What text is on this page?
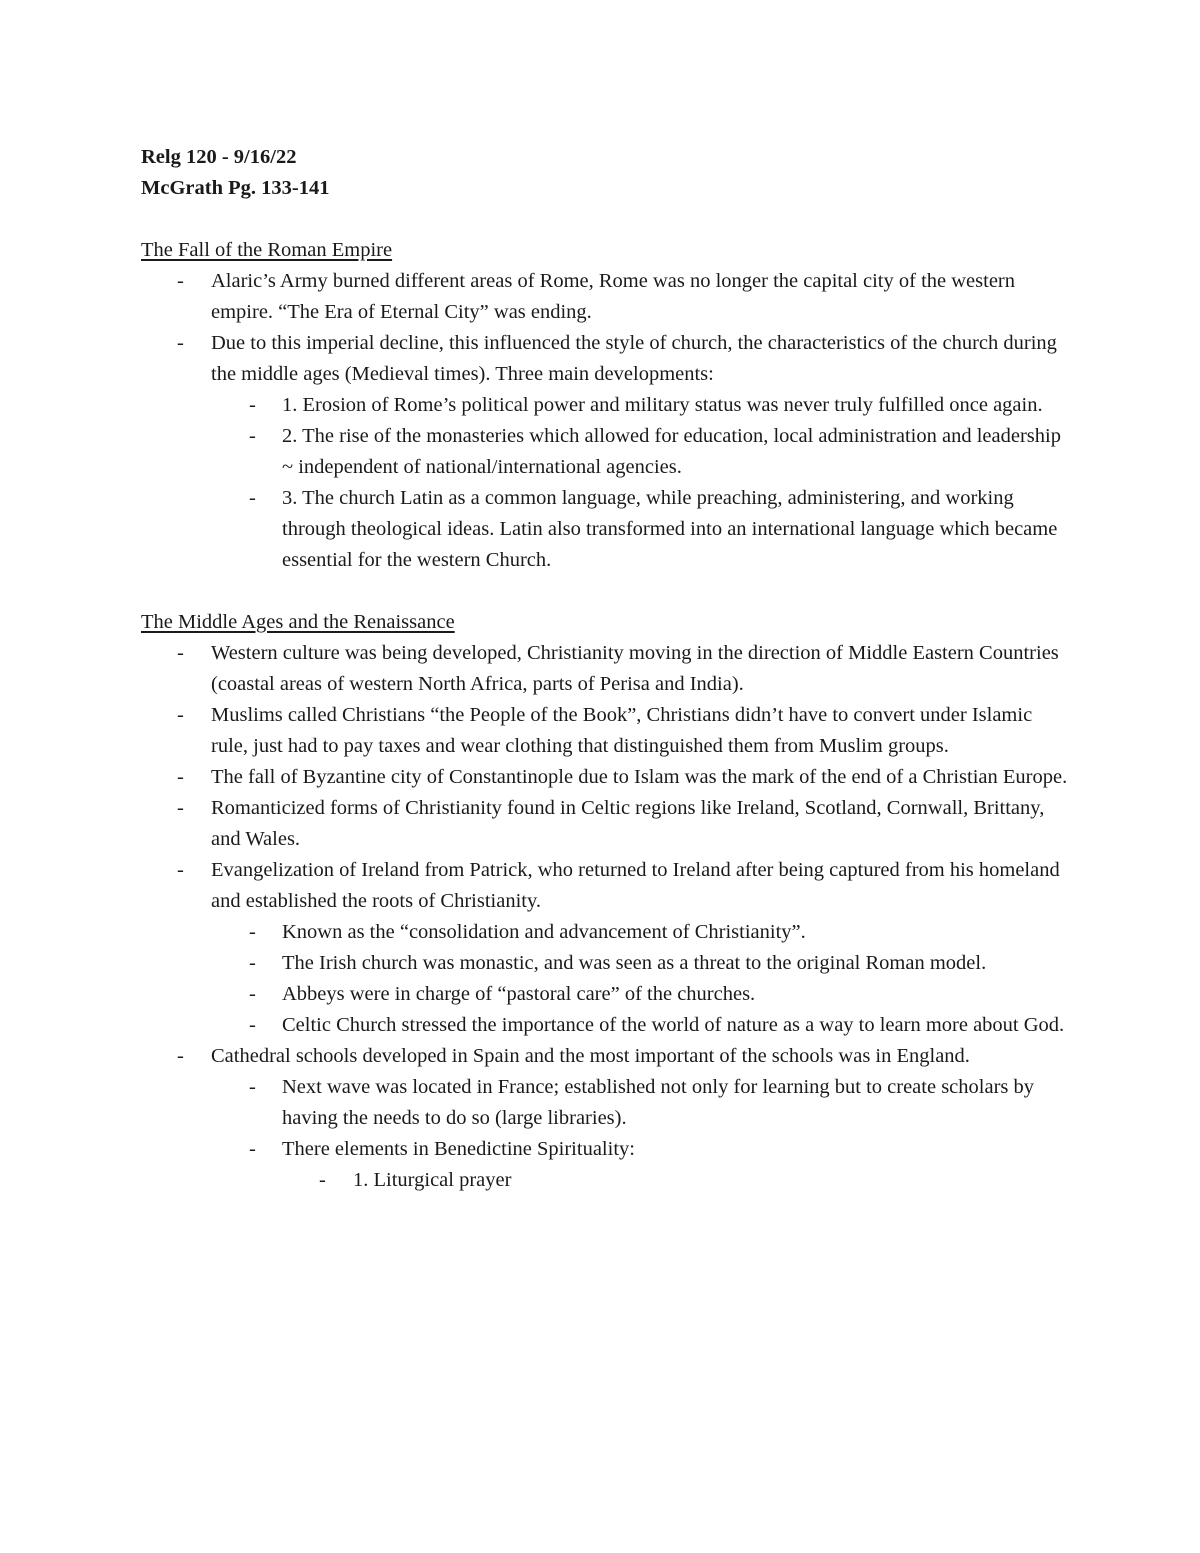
Relg 120 - 9/16/22

McGrath Pg. 133-141

The Fall of the Roman Empire

- Alaric’s Army burned different areas of Rome, Rome was no longer the capital city of the western empire. “The Era of Eternal City” was ending.
- Due to this imperial decline, this influenced the style of church, the characteristics of the church during the middle ages (Medieval times). Three main developments:
- 1. Erosion of Rome’s political power and military status was never truly fulfilled once again.
- 2. The rise of the monasteries which allowed for education, local administration and leadership ~ independent of national/international agencies.
- 3. The church Latin as a common language, while preaching, administering, and working through theological ideas. Latin also transformed into an international language which became essential for the western Church.

The Middle Ages and the Renaissance

- Western culture was being developed, Christianity moving in the direction of Middle Eastern Countries (coastal areas of western North Africa, parts of Perisa and India).
- Muslims called Christians “the People of the Book”, Christians didn’t have to convert under Islamic rule, just had to pay taxes and wear clothing that distinguished them from Muslim groups.
- The fall of Byzantine city of Constantinople due to Islam was the mark of the end of a Christian Europe.
- Romanticized forms of Christianity found in Celtic regions like Ireland, Scotland, Cornwall, Brittany, and Wales.
- Evangelization of Ireland from Patrick, who returned to Ireland after being captured from his homeland and established the roots of Christianity.
- Known as the “consolidation and advancement of Christianity”.
- The Irish church was monastic, and was seen as a threat to the original Roman model.
- Abbeys were in charge of “pastoral care” of the churches.
- Celtic Church stressed the importance of the world of nature as a way to learn more about God.
- Cathedral schools developed in Spain and the most important of the schools was in England.
- Next wave was located in France; established not only for learning but to create scholars by having the needs to do so (large libraries).
- There elements in Benedictine Spirituality:
- 1. Liturgical prayer
